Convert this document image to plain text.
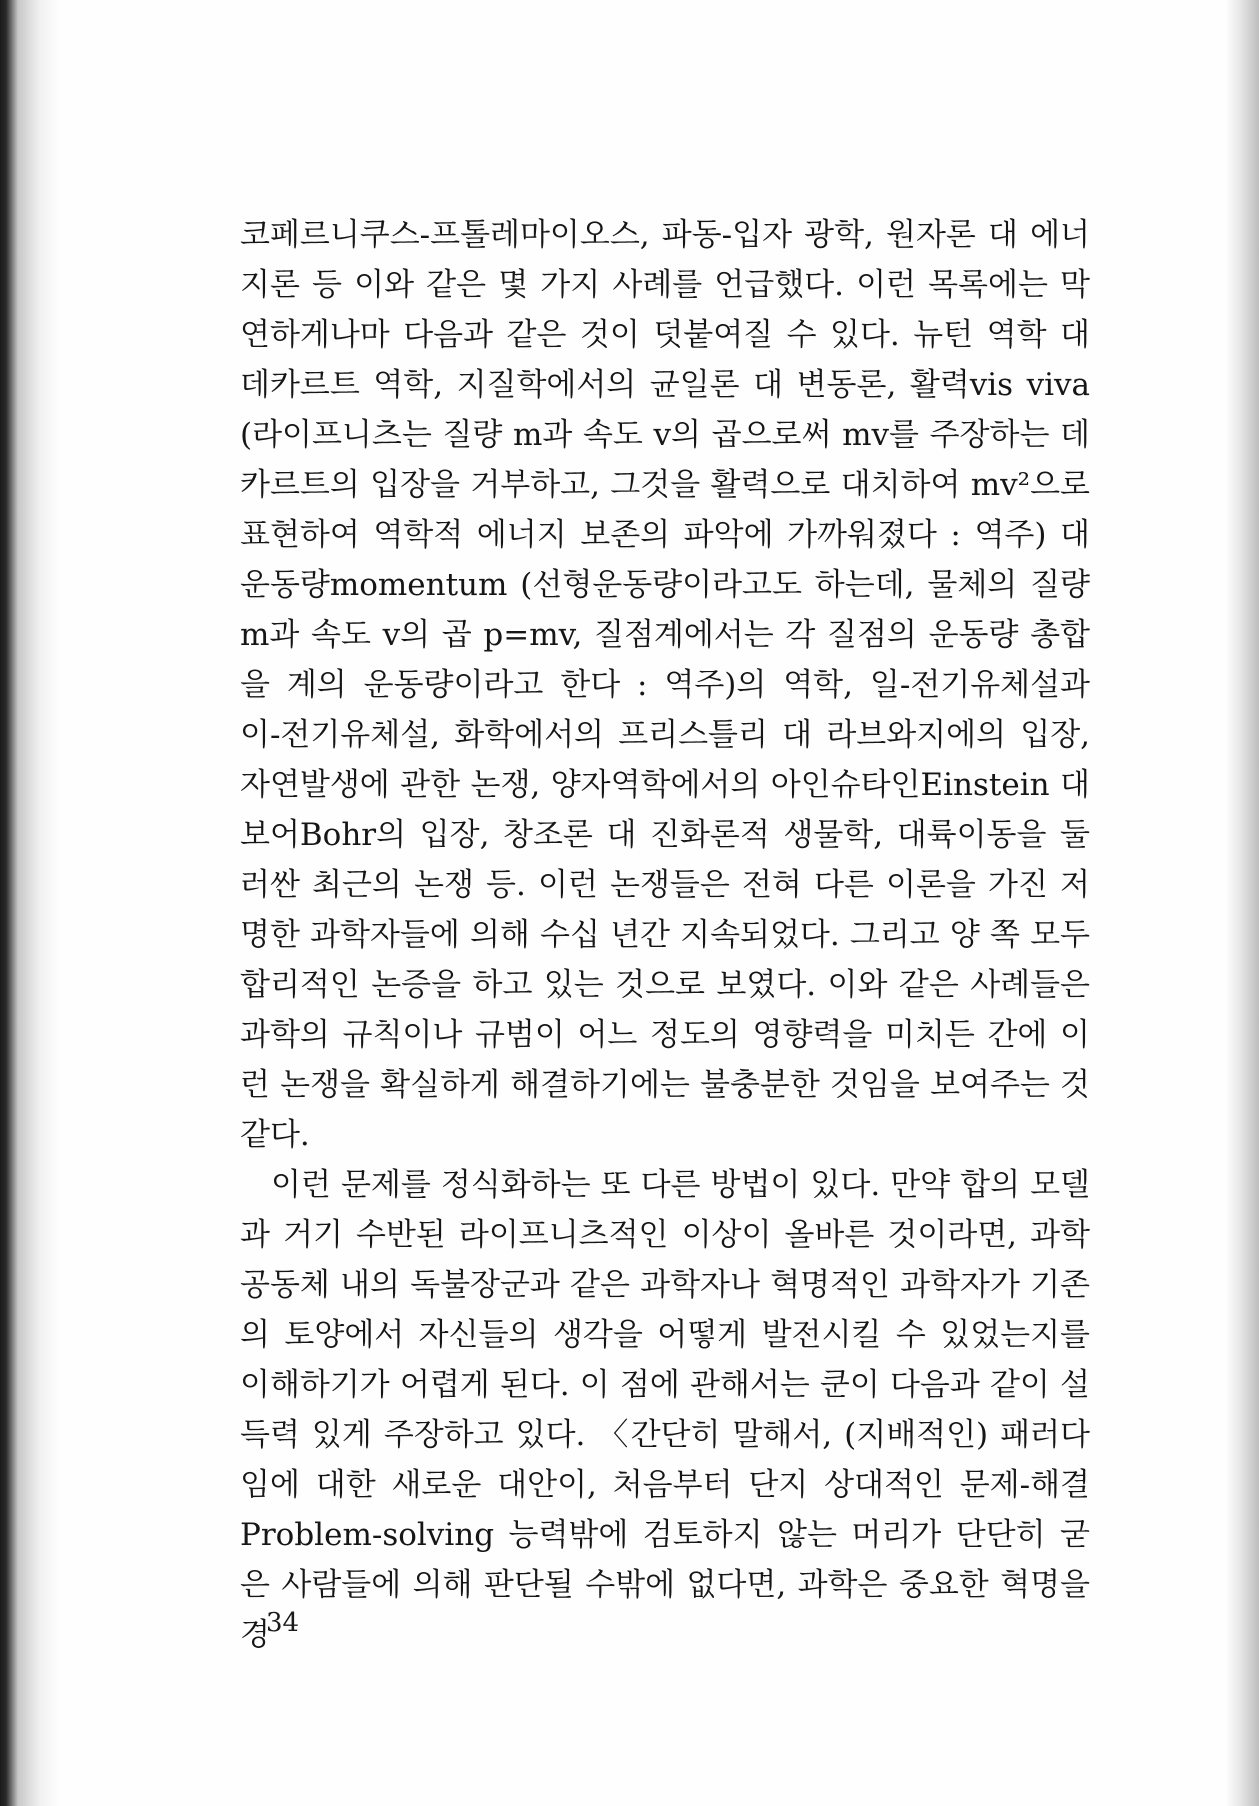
코페르니쿠스-프톨레마이오스, 파동-입자 광학, 원자론 대 에너지론 등 이와 같은 몇 가지 사례를 언급했다. 이런 목록에는 막연하게나마 다음과 같은 것이 덧붙여질 수 있다. 뉴턴 역학 대 데카르트 역학, 지질학에서의 균일론 대 변동론, 활력vis viva (라이프니츠는 질량 m과 속도 v의 곱으로써 mv를 주장하는 데카르트의 입장을 거부하고, 그것을 활력으로 대치하여 mv²으로 표현하여 역학적 에너지 보존의 파악에 가까워졌다 : 역주) 대 운동량momentum (선형운동량이라고도 하는데, 물체의 질량 m과 속도 v의 곱 p=mv, 질점계에서는 각 질점의 운동량 총합을 계의 운동량이라고 한다 : 역주)의 역학, 일-전기유체설과 이-전기유체설, 화학에서의 프리스틀리 대 라브와지에의 입장, 자연발생에 관한 논쟁, 양자역학에서의 아인슈타인Einstein 대 보어Bohr의 입장, 창조론 대 진화론적 생물학, 대륙이동을 둘러싼 최근의 논쟁 등. 이런 논쟁들은 전혀 다른 이론을 가진 저명한 과학자들에 의해 수십 년간 지속되었다. 그리고 양 쪽 모두 합리적인 논증을 하고 있는 것으로 보였다. 이와 같은 사례들은 과학의 규칙이나 규범이 어느 정도의 영향력을 미치든 간에 이런 논쟁을 확실하게 해결하기에는 불충분한 것임을 보여주는 것 같다.

이런 문제를 정식화하는 또 다른 방법이 있다. 만약 합의 모델과 거기 수반된 라이프니츠적인 이상이 올바른 것이라면, 과학 공동체 내의 독불장군과 같은 과학자나 혁명적인 과학자가 기존의 토양에서 자신들의 생각을 어떻게 발전시킬 수 있었는지를 이해하기가 어렵게 된다. 이 점에 관해서는 쿤이 다음과 같이 설득력 있게 주장하고 있다. 〈간단히 말해서, (지배적인) 패러다임에 대한 새로운 대안이, 처음부터 단지 상대적인 문제-해결Problem-solving 능력밖에 검토하지 않는 머리가 단단히 굳은 사람들에 의해 판단될 수밖에 없다면, 과학은 중요한 혁명을 경

34
